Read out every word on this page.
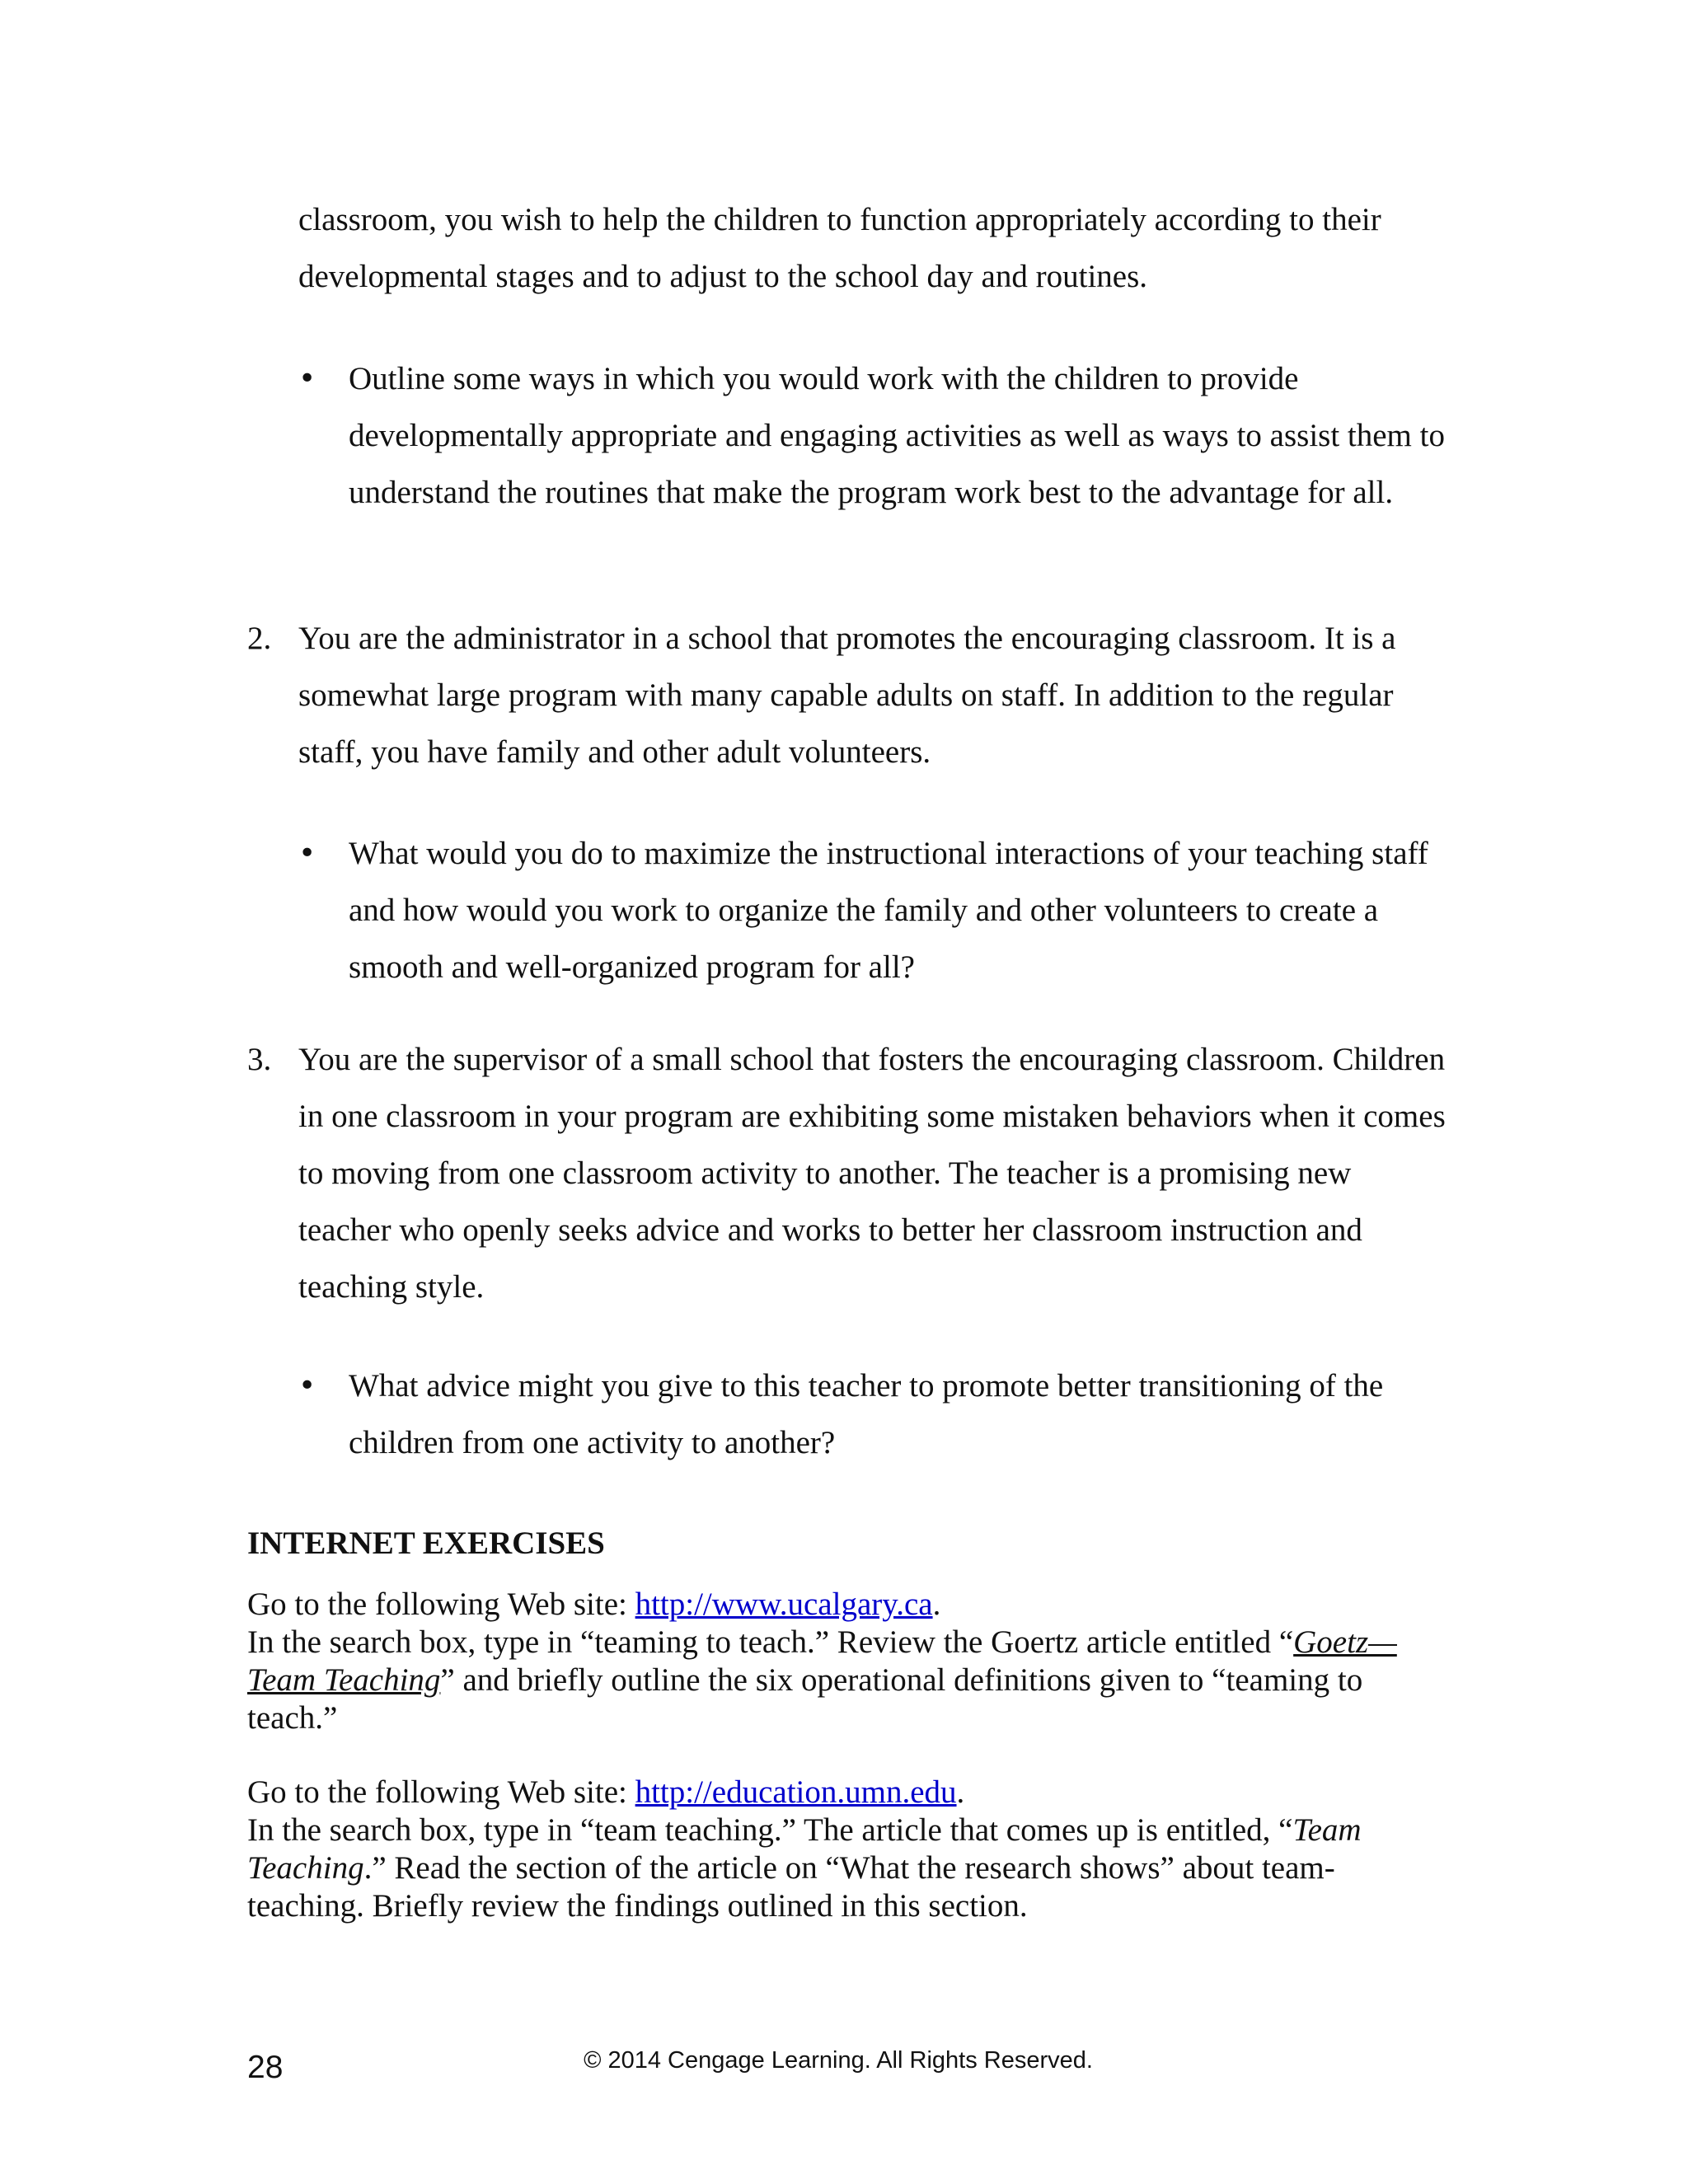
classroom, you wish to help the children to function appropriately according to their developmental stages and to adjust to the school day and routines.

• Outline some ways in which you would work with the children to provide developmentally appropriate and engaging activities as well as ways to assist them to understand the routines that make the program work best to the advantage for all.

2. You are the administrator in a school that promotes the encouraging classroom. It is a somewhat large program with many capable adults on staff. In addition to the regular staff, you have family and other adult volunteers.

• What would you do to maximize the instructional interactions of your teaching staff and how would you work to organize the family and other volunteers to create a smooth and well-organized program for all?

3. You are the supervisor of a small school that fosters the encouraging classroom. Children in one classroom in your program are exhibiting some mistaken behaviors when it comes to moving from one classroom activity to another. The teacher is a promising new teacher who openly seeks advice and works to better her classroom instruction and teaching style.

• What advice might you give to this teacher to promote better transitioning of the children from one activity to another?

INTERNET EXERCISES

Go to the following Web site: http://www.ucalgary.ca.

In the search box, type in “teaming to teach.” Review the Goertz article entitled “Goetz—Team Teaching” and briefly outline the six operational definitions given to “teaming to teach.”

Go to the following Web site: http://education.umn.edu.

In the search box, type in “team teaching.” The article that comes up is entitled, “Team Teaching.” Read the section of the article on “What the research shows” about team-teaching. Briefly review the findings outlined in this section.

28	© 2014 Cengage Learning. All Rights Reserved.
